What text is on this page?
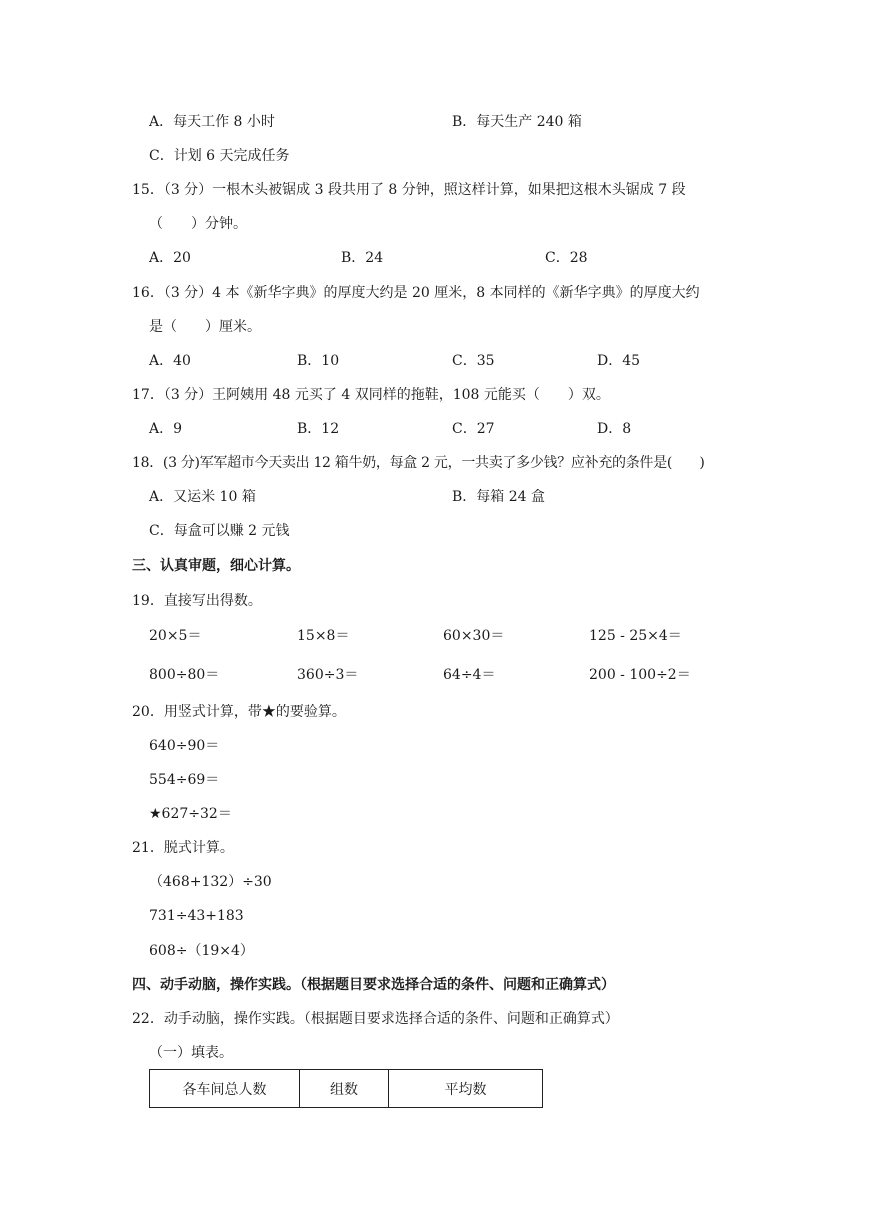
A．每天工作 8 小时	B．每天生产 240 箱
C．计划 6 天完成任务
15．（3 分）一根木头被锯成 3 段共用了 8 分钟，照这样计算，如果把这根木头锯成 7 段
（　　）分钟。
A．20	B．24	C．28
16．（3 分）4 本《新华字典》的厚度大约是 20 厘米，8 本同样的《新华字典》的厚度大约
是（　　）厘米。
A．40	B．10	C．35	D．45
17．（3 分）王阿姨用 48 元买了 4 双同样的拖鞋，108 元能买（　　）双。
A．9	B．12	C．27	D．8
18．(3 分)军军超市今天卖出 12 箱牛奶，每盒 2 元，一共卖了多少钱？应补充的条件是(　　)
A．又运米 10 箱	B．每箱 24 盒
C．每盒可以赚 2 元钱
三、认真审题，细心计算。
19．直接写出得数。
20×5＝	15×8＝	60×30＝	125 - 25×4＝
800÷80＝	360÷3＝	64÷4＝	200 - 100÷2＝
20．用竖式计算，带★的要验算。
640÷90＝
554÷69＝
★627÷32＝
21．脱式计算。
（468+132）÷30
731÷43+183
608÷（19×4）
四、动手动脑，操作实践。（根据题目要求选择合适的条件、问题和正确算式）
22．动手动脑，操作实践。（根据题目要求选择合适的条件、问题和正确算式）
（一）填表。
各车间总人数	组数	平均数
